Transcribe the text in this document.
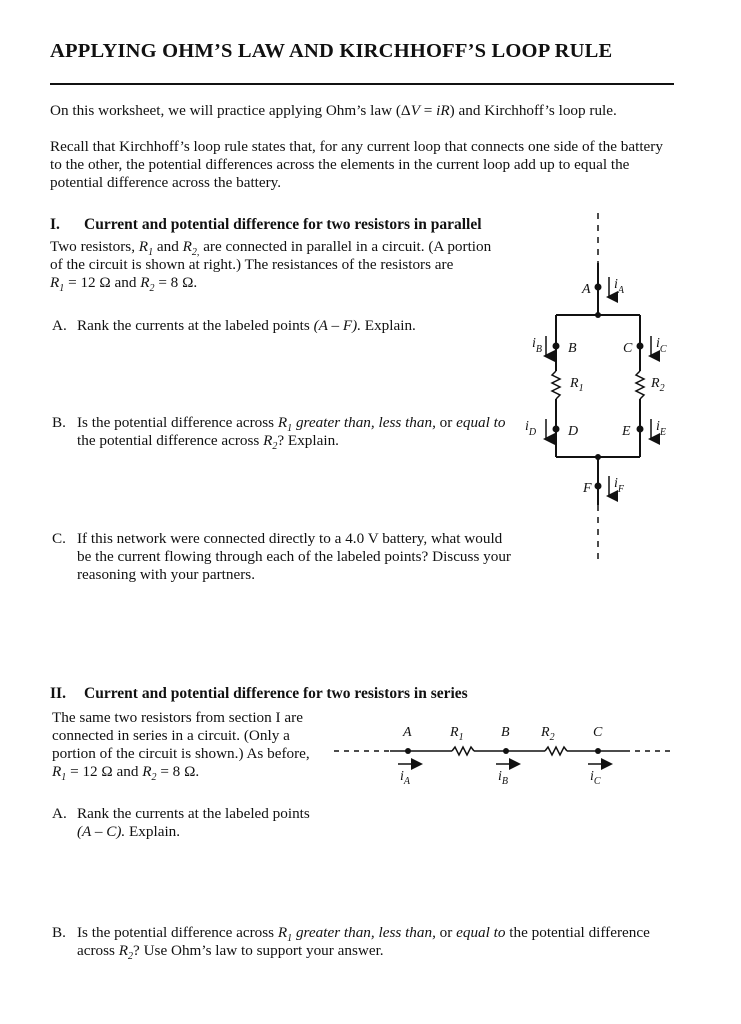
APPLYING OHM’S LAW AND KIRCHHOFF’S LOOP RULE
On this worksheet, we will practice applying Ohm’s law (ΔV = iR) and Kirchhoff’s loop rule.
Recall that Kirchhoff’s loop rule states that, for any current loop that connects one side of the battery
to the other, the potential differences across the elements in the current loop add up to equal the
potential difference across the battery.
I. Current and potential difference for two resistors in parallel
Two resistors, $R_1$ and $R_{2,}$ are connected in parallel in a circuit. (A portion
of the circuit is shown at right.) The resistances of the resistors are
$R_1 = 12$ Ω and $R_2 = 8$ Ω.
A. Rank the currents at the labeled points (A – F). Explain.
B. Is the potential difference across $R_1$ greater than, less than, or equal to
the potential difference across $R_2$? Explain.
C. If this network were connected directly to a 4.0 V battery, what would
be the current flowing through each of the labeled points? Discuss your
reasoning with your partners.
II. Current and potential difference for two resistors in series
The same two resistors from section I are
connected in series in a circuit. (Only a
portion of the circuit is shown.) As before,
$R_1 = 12$ Ω and $R_2 = 8$ Ω.
A. Rank the currents at the labeled points
(A – C). Explain.
B. Is the potential difference across $R_1$ greater than, less than, or equal to the potential difference
across $R_2$? Use Ohm’s law to support your answer.
A
B	C
D	E
F
$i_A$
$i_B$	$i_C$
$i_D$	$i_E$
$i_F$
$R_1$	$R_2$
A	B	C
$R_1$	$R_2$
$i_A$	$i_B$	$i_C$
